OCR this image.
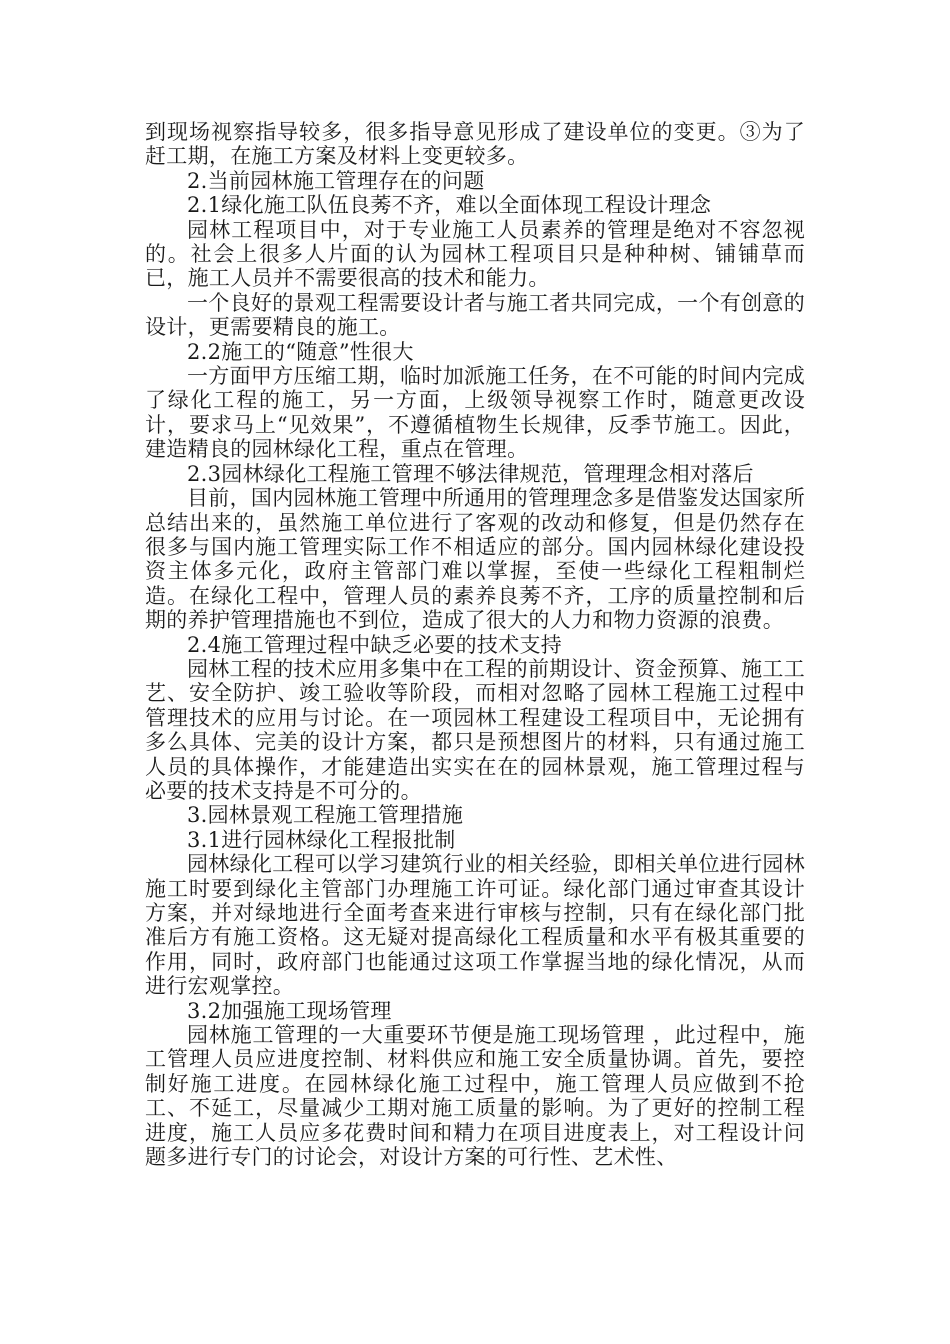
到现场视察指导较多，很多指导意见形成了建设单位的变更。③为了赶工期，在施工方案及材料上变更较多。

2.当前园林施工管理存在的问题

2.1绿化施工队伍良莠不齐，难以全面体现工程设计理念

园林工程项目中，对于专业施工人员素养的管理是绝对不容忽视的。社会上很多人片面的认为园林工程项目只是种种树、铺铺草而已，施工人员并不需要很高的技术和能力。

一个良好的景观工程需要设计者与施工者共同完成，一个有创意的设计，更需要精良的施工。

2.2施工的“随意”性很大

一方面甲方压缩工期，临时加派施工任务，在不可能的时间内完成了绿化工程的施工，另一方面，上级领导视察工作时，随意更改设计，要求马上“见效果”，不遵循植物生长规律，反季节施工。因此，建造精良的园林绿化工程，重点在管理。

2.3园林绿化工程施工管理不够法律规范，管理理念相对落后

目前，国内园林施工管理中所通用的管理理念多是借鉴发达国家所总结出来的，虽然施工单位进行了客观的改动和修复，但是仍然存在很多与国内施工管理实际工作不相适应的部分。国内园林绿化建设投资主体多元化，政府主管部门难以掌握，至使一些绿化工程粗制烂造。在绿化工程中，管理人员的素养良莠不齐，工序的质量控制和后期的养护管理措施也不到位，造成了很大的人力和物力资源的浪费。

2.4施工管理过程中缺乏必要的技术支持

园林工程的技术应用多集中在工程的前期设计、资金预算、施工工艺、安全防护、竣工验收等阶段，而相对忽略了园林工程施工过程中管理技术的应用与讨论。在一项园林工程建设工程项目中，无论拥有多么具体、完美的设计方案，都只是预想图片的材料，只有通过施工人员的具体操作，才能建造出实实在在的园林景观，施工管理过程与必要的技术支持是不可分的。

3.园林景观工程施工管理措施

3.1进行园林绿化工程报批制

园林绿化工程可以学习建筑行业的相关经验，即相关单位进行园林施工时要到绿化主管部门办理施工许可证。绿化部门通过审查其设计方案，并对绿地进行全面考查来进行审核与控制，只有在绿化部门批准后方有施工资格。这无疑对提高绿化工程质量和水平有极其重要的作用，同时，政府部门也能通过这项工作掌握当地的绿化情况，从而进行宏观掌控。

3.2加强施工现场管理

园林施工管理的一大重要环节便是施工现场管理 ，此过程中，施工管理人员应进度控制、材料供应和施工安全质量协调。首先，要控制好施工进度。在园林绿化施工过程中，施工管理人员应做到不抢工、不延工，尽量减少工期对施工质量的影响。为了更好的控制工程进度，施工人员应多花费时间和精力在项目进度表上，对工程设计问题多进行专门的讨论会，对设计方案的可行性、艺术性、
